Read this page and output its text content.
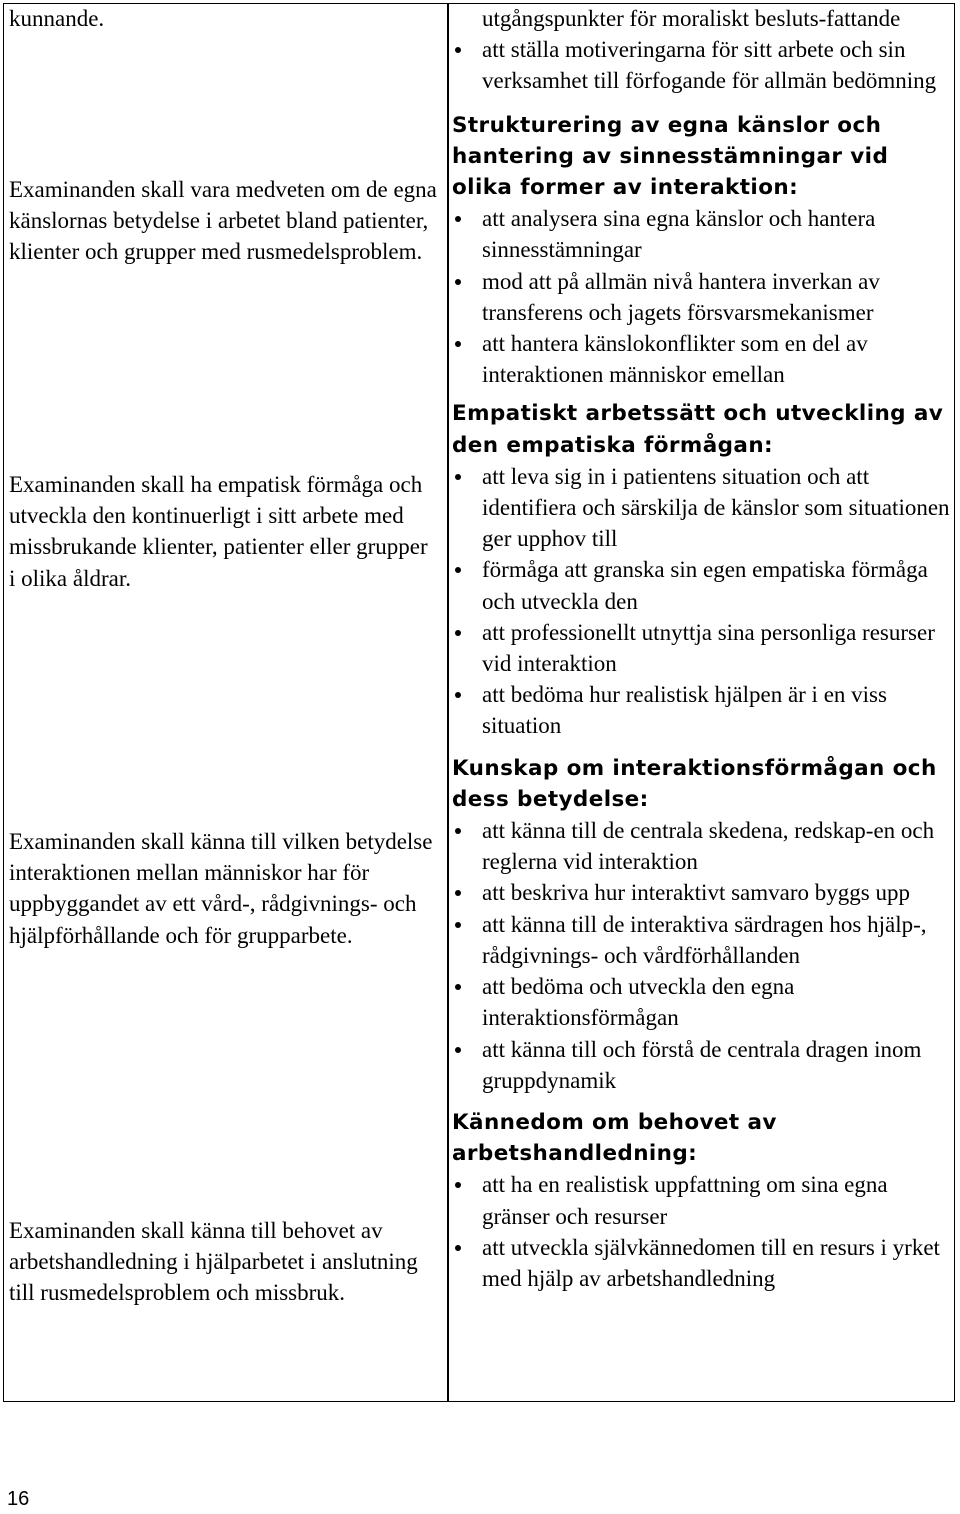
kunnande.
Examinanden skall vara medveten om de egna känslornas betydelse i arbetet bland patienter, klienter och grupper med rusmedelsproblem.
Examinanden skall ha empatisk förmåga och utveckla den kontinuerligt i sitt arbete med missbrukande klienter, patienter eller grupper i olika åldrar.
Examinanden skall känna till vilken betydelse interaktionen mellan människor har för uppbyggandet av ett vård-, rådgivnings- och hjälpförhållande och för grupparbete.
Examinanden skall känna till behovet av arbetshandledning i hjälparbetet i anslutning till rusmedelsproblem och missbruk.

utgångspunkter för moraliskt besluts-fattande

att ställa motiveringarna för sitt arbete och sin verksamhet till förfogande för allmän bedömning

Strukturering av egna känslor och hantering av sinnesstämningar vid olika former av interaktion:

att analysera sina egna känslor och hantera sinnesstämningar
mod att på allmän nivå hantera inverkan av transferens och jagets försvarsmekanismer
att hantera känslokonflikter som en del av interaktionen människor emellan

Empatiskt arbetssätt och utveckling av den empatiska förmågan:

att leva sig in i patientens situation och att identifiera och särskilja de känslor som situationen ger upphov till
förmåga att granska sin egen empatiska förmåga och utveckla den
att professionellt utnyttja sina personliga resurser vid interaktion
att bedöma hur realistisk hjälpen är i en viss situation

Kunskap om interaktionsförmågan och dess betydelse:

att känna till de centrala skedena, redskap-en och reglerna vid interaktion
att beskriva hur interaktivt samvaro byggs upp
att känna till de interaktiva särdragen hos hjälp-, rådgivnings- och vårdförhållanden
att bedöma och utveckla den egna interaktionsförmågan
att känna till och förstå de centrala dragen inom gruppdynamik

Kännedom om behovet av arbetshandledning:

att ha en realistisk uppfattning om sina egna gränser och resurser
att utveckla självkännedomen till en resurs i yrket med hjälp av arbetshandledning
16
